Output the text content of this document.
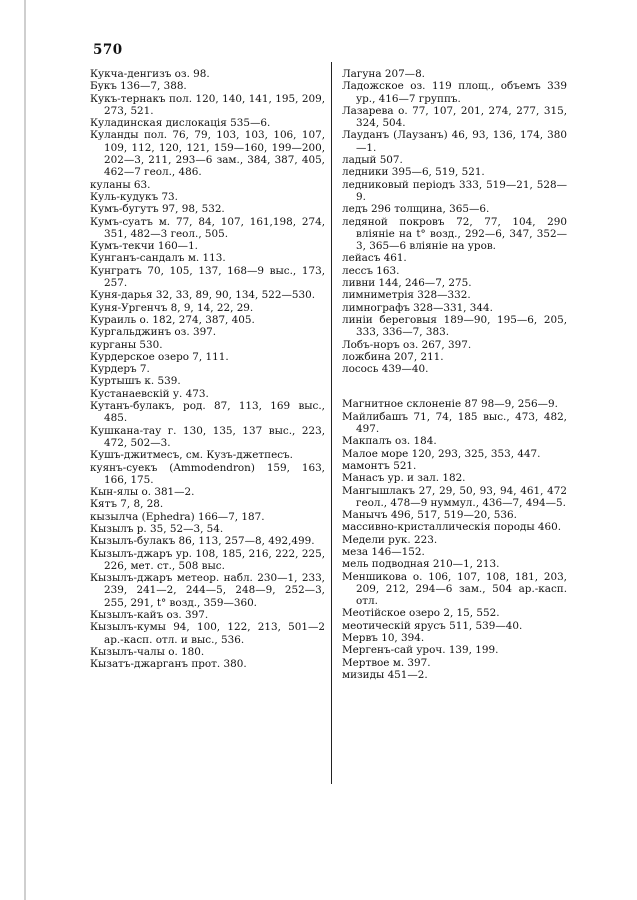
570
Кукча-денгизъ оз. 98.
Букъ 136—7, 388.
Кукъ-тернакъ пол. 120, 140, 141, 195, 209, 273, 521.
Куладинская дислокація 535—6.
Куланды пол. 76, 79, 103, 103, 106, 107, 109, 112, 120, 121, 159—160, 199—200, 202—3, 211, 293—6 зам., 384, 387, 405, 462—7 геол., 486.
куланы 63.
Куль-кудукъ 73.
Кумъ-бугутъ 97, 98, 532.
Кумъ-суатъ м. 77, 84, 107, 161,198, 274, 351, 482—3 геол., 505.
Кумъ-текчи 160—1.
Кунганъ-сандалъ м. 113.
Кунгратъ 70, 105, 137, 168—9 выс., 173, 257.
Куня-дарья 32, 33, 89, 90, 134, 522—530.
Куня-Ургенчъ 8, 9, 14, 22, 29.
Кураиль о. 182, 274, 387, 405.
Кургальджинъ оз. 397.
курганы 530.
Курдерское озеро 7, 111.
Курдеръ 7.
Куртышъ к. 539.
Кустанаевскій у. 473.
Кутанъ-булакъ, род. 87, 113, 169 выс., 485.
Кушкана-тау г. 130, 135, 137 выс., 223, 472, 502—3.
Кушъ-джитмесъ, см. Кузъ-джетпесъ.
куянъ-суекъ (Ammodendron) 159, 163, 166, 175.
Кын-ялы о. 381—2.
Кятъ 7, 8, 28.
кызылча (Ephedra) 166—7, 187.
Кызылъ р. 35, 52—3, 54.
Кызылъ-булакъ 86, 113, 257—8, 492,499.
Кызылъ-джаръ ур. 108, 185, 216, 222, 225, 226, мет. ст., 508 выс.
Кызылъ-джаръ метеор. набл. 230—1, 233, 239, 241—2, 244—5, 248—9, 252—3, 255, 291, t° возд., 359—360.
Кызылъ-кайъ оз. 397.
Кызылъ-кумы 94, 100, 122, 213, 501—2 ар.-касп. отл. и выс., 536.
Кызылъ-чалы о. 180.
Кызатъ-джарганъ прот. 380.
Лагуна 207—8.
Ладожское оз. 119 площ., объемъ 339 ур., 416—7 группъ.
Лазарева о. 77, 107, 201, 274, 277, 315, 324, 504.
Лауданъ (Лаузанъ) 46, 93, 136, 174, 380—1.
ладый 507.
ледники 395—6, 519, 521.
ледниковый періодъ 333, 519—21, 528—9.
ледъ 296 толщина, 365—6.
ледяной покровъ 72, 77, 104, 290 вліяніе на t° возд., 292—6, 347, 352—3, 365—6 вліяніе на уров.
лейасъ 461.
лессъ 163.
ливни 144, 246—7, 275.
лимниметрія 328—332.
лимнографъ 328—331, 344.
линіи береговыя 189—90, 195—6, 205, 333, 336—7, 383.
Лобъ-норъ оз. 267, 397.
ложбина 207, 211.
лосось 439—40.
Магнитное склоненіе 87 98—9, 256—9.
Майлибашъ 71, 74, 185 выс., 473, 482, 497.
Макпалъ оз. 184.
Малое море 120, 293, 325, 353, 447.
мамонтъ 521.
Манасъ ур. и зал. 182.
Мангышлакъ 27, 29, 50, 93, 94, 461, 472 геол., 478—9 нуммул., 436—7, 494—5.
Манычъ 496, 517, 519—20, 536.
массивно-кристаллическія породы 460.
Медели рук. 223.
меза 146—152.
мель подводная 210—1, 213.
Меншикова о. 106, 107, 108, 181, 203, 209, 212, 294—6 зам., 504 ар.-касп. отл.
Меотійское озеро 2, 15, 552.
меотическій ярусъ 511, 539—40.
Мервъ 10, 394.
Мергенъ-сай уроч. 139, 199.
Мертвое м. 397.
мизиды 451—2.
